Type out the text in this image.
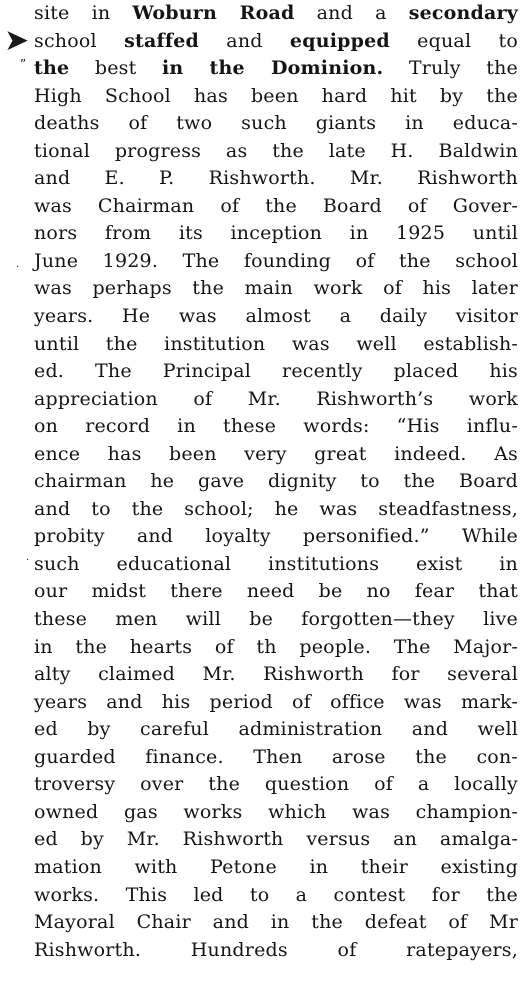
➤
”
·
·
site in Woburn Road and a secondary
school staffed and equipped equal to
the best in the Dominion. Truly the
High School has been hard hit by the
deaths of two such giants in educa-
tional progress as the late H. Baldwin
and E. P. Rishworth. Mr. Rishworth
was Chairman of the Board of Gover-
nors from its inception in 1925 until
June 1929. The founding of the school
was perhaps the main work of his later
years. He was almost a daily visitor
until the institution was well establish-
ed. The Principal recently placed his
appreciation of Mr. Rishworth’s work
on record in these words: “His influ-
ence has been very great indeed. As
chairman he gave dignity to the Board
and to the school; he was steadfastness,
probity and loyalty personified.” While
such educational institutions exist in
our midst there need be no fear that
these men will be forgotten—they live
in the hearts of th people. The Major-
alty claimed Mr. Rishworth for several
years and his period of office was mark-
ed by careful administration and well
guarded finance. Then arose the con-
troversy over the question of a locally
owned gas works which was champion-
ed by Mr. Rishworth versus an amalga-
mation with Petone in their existing
works. This led to a contest for the
Mayoral Chair and in the defeat of Mr
Rishworth. Hundreds of ratepayers,
